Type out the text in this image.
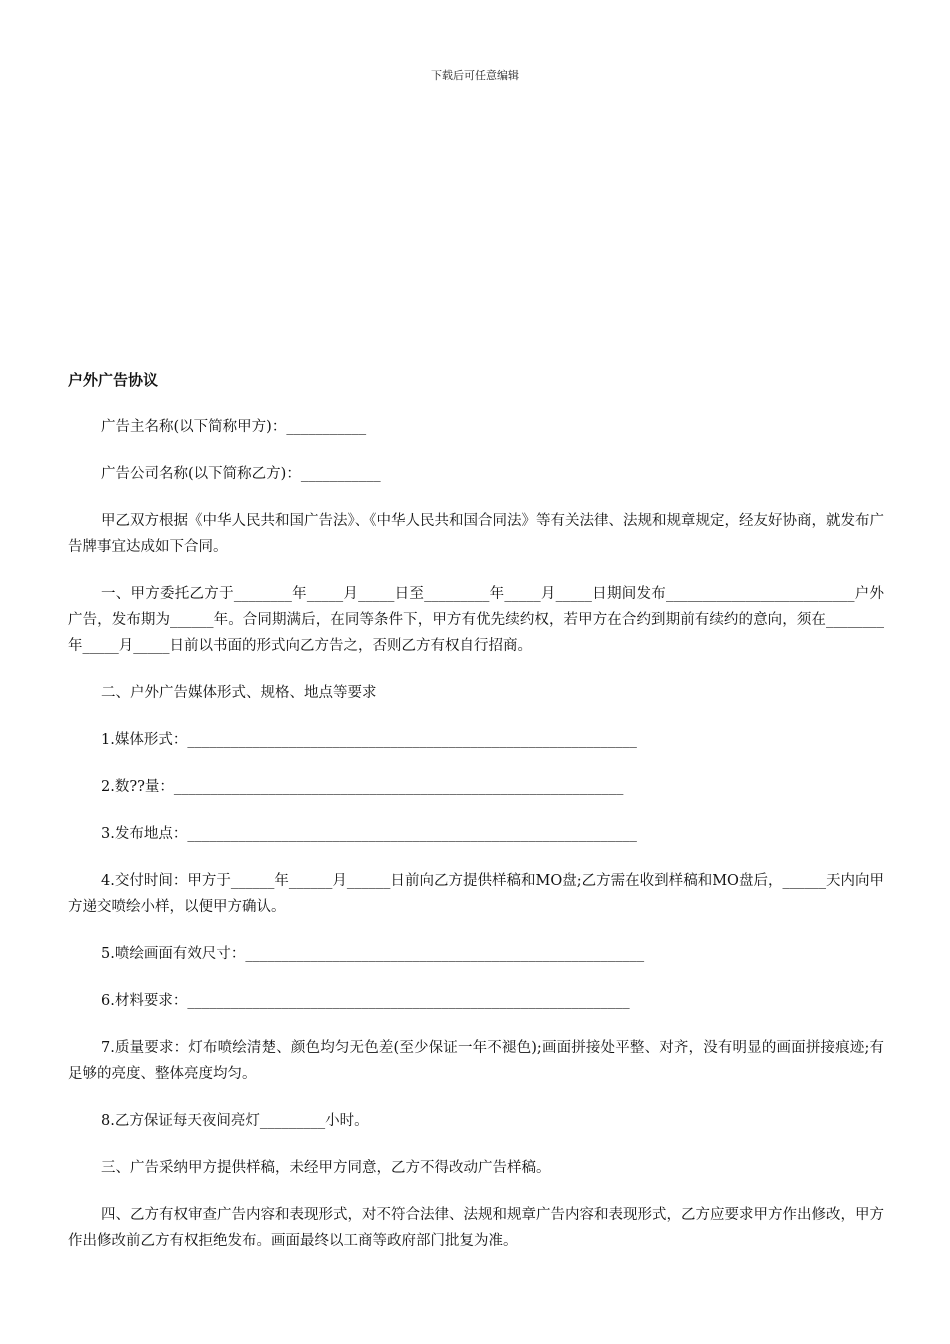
下载后可任意编辑
户外广告协议

广告主名称(以下简称甲方)：___________

广告公司名称(以下简称乙方)：___________

甲乙双方根据《中华人民共和国广告法》、《中华人民共和国合同法》等有关法律、法规和规章规定，经友好协商，就发布广告牌事宜达成如下合同。

一、甲方委托乙方于________年_____月_____日至_________年_____月_____日期间发布__________________________户外广告，发布期为______年。合同期满后，在同等条件下，甲方有优先续约权，若甲方在合约到期前有续约的意向，须在________年_____月_____日前以书面的形式向乙方告之，否则乙方有权自行招商。

二、户外广告媒体形式、规格、地点等要求

1.媒体形式：______________________________________________________________

2.数??量：______________________________________________________________

3.发布地点：______________________________________________________________

4.交付时间：甲方于______年______月______日前向乙方提供样稿和MO盘;乙方需在收到样稿和MO盘后，______天内向甲方递交喷绘小样，以便甲方确认。

5.喷绘画面有效尺寸：_______________________________________________________

6.材料要求：_____________________________________________________________

7.质量要求：灯布喷绘清楚、颜色均匀无色差(至少保证一年不褪色);画面拼接处平整、对齐，没有明显的画面拼接痕迹;有足够的亮度、整体亮度均匀。

8.乙方保证每天夜间亮灯_________小时。

三、广告采纳甲方提供样稿，未经甲方同意，乙方不得改动广告样稿。

四、乙方有权审查广告内容和表现形式，对不符合法律、法规和规章广告内容和表现形式，乙方应要求甲方作出修改，甲方作出修改前乙方有权拒绝发布。画面最终以工商等政府部门批复为准。
